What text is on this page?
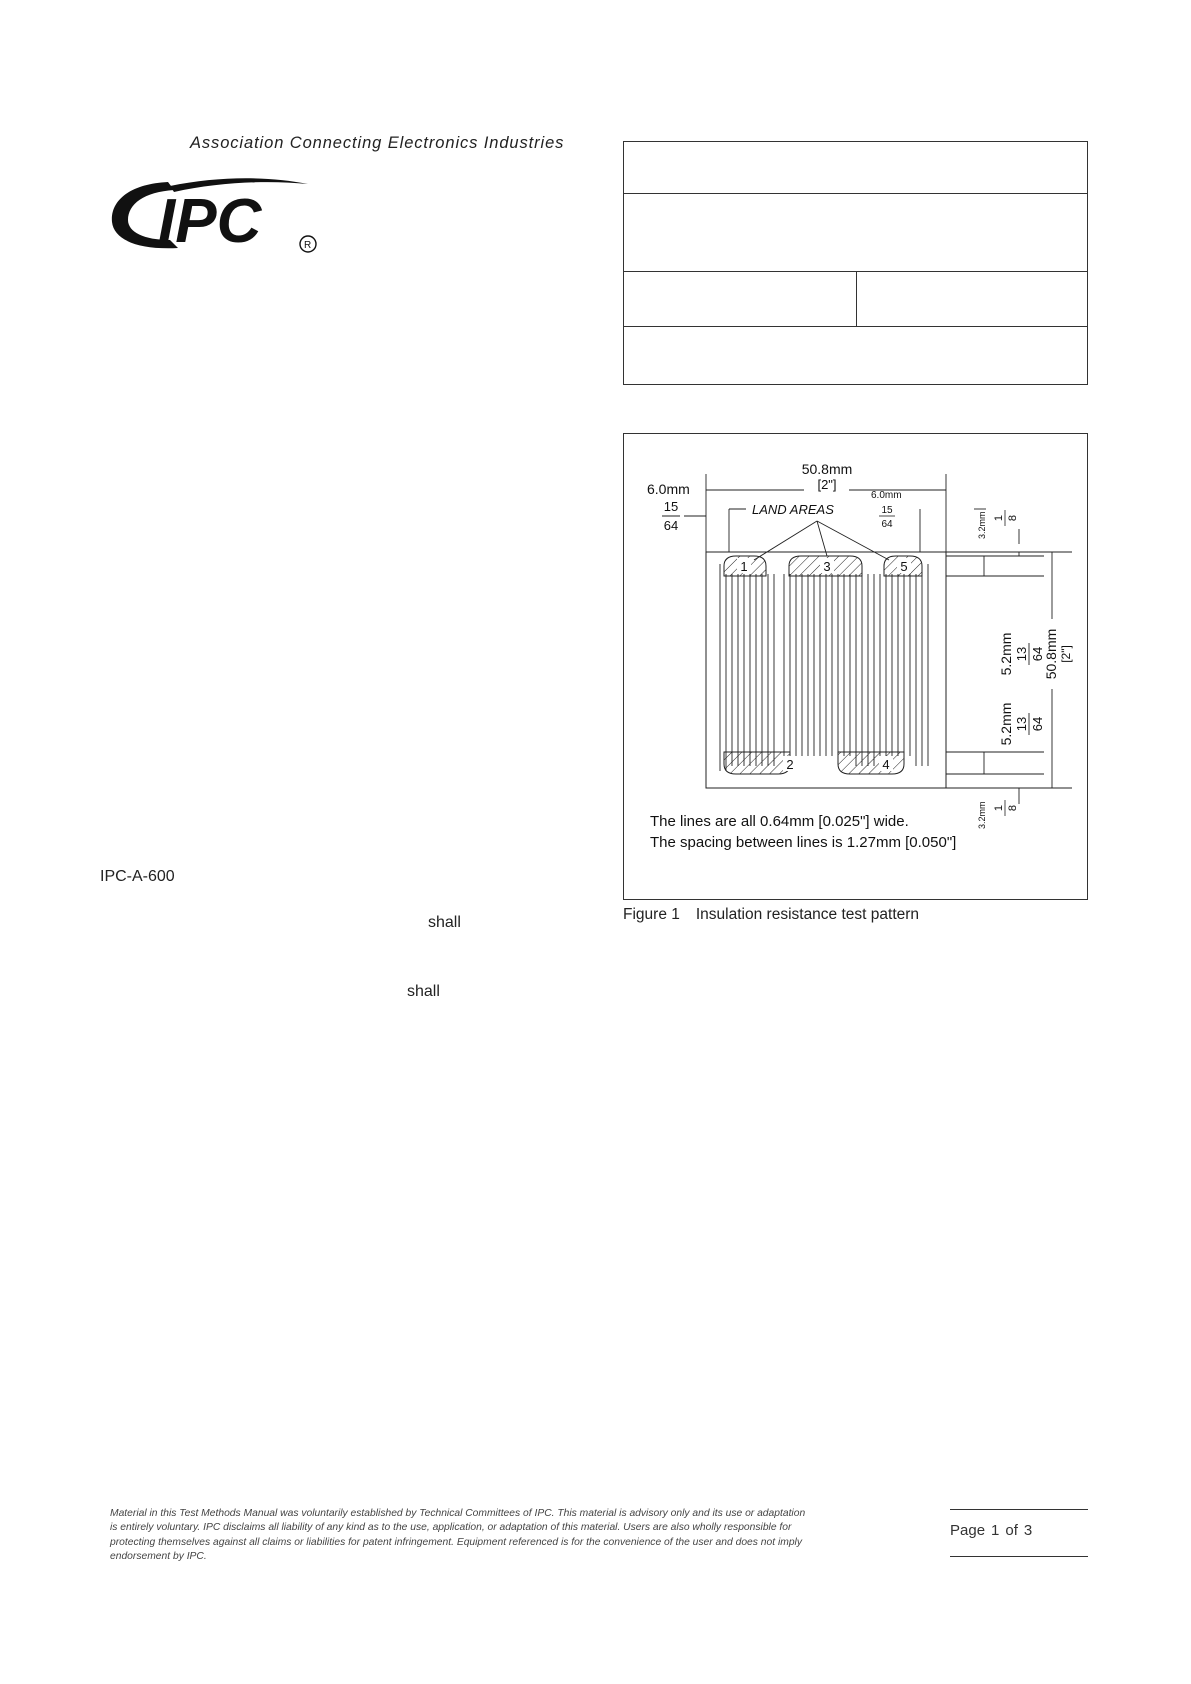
Association Connecting Electronics Industries
IPC	R
50.8mm
[2"]
6.0mm
15
64
LAND AREAS
6.0mm
15
64
1	3	5
2	4
3.2mm 1 8
5.2mm 13 64
5.2mm 13 64
50.8mm [2"]
3.2mm 1 8
The lines are all 0.64mm [0.025"] wide.
The spacing between lines is 1.27mm [0.050"]
Figure 1 Insulation resistance test pattern
IPC-A-600
shall
shall
Material in this Test Methods Manual was voluntarily established by Technical Committees of IPC. This material is advisory only and its use or adaptation is entirely voluntary. IPC disclaims all liability of any kind as to the use, application, or adaptation of this material. Users are also wholly responsible for protecting themselves against all claims or liabilities for patent infringement. Equipment referenced is for the convenience of the user and does not imply endorsement by IPC.
Page 1 of 3
